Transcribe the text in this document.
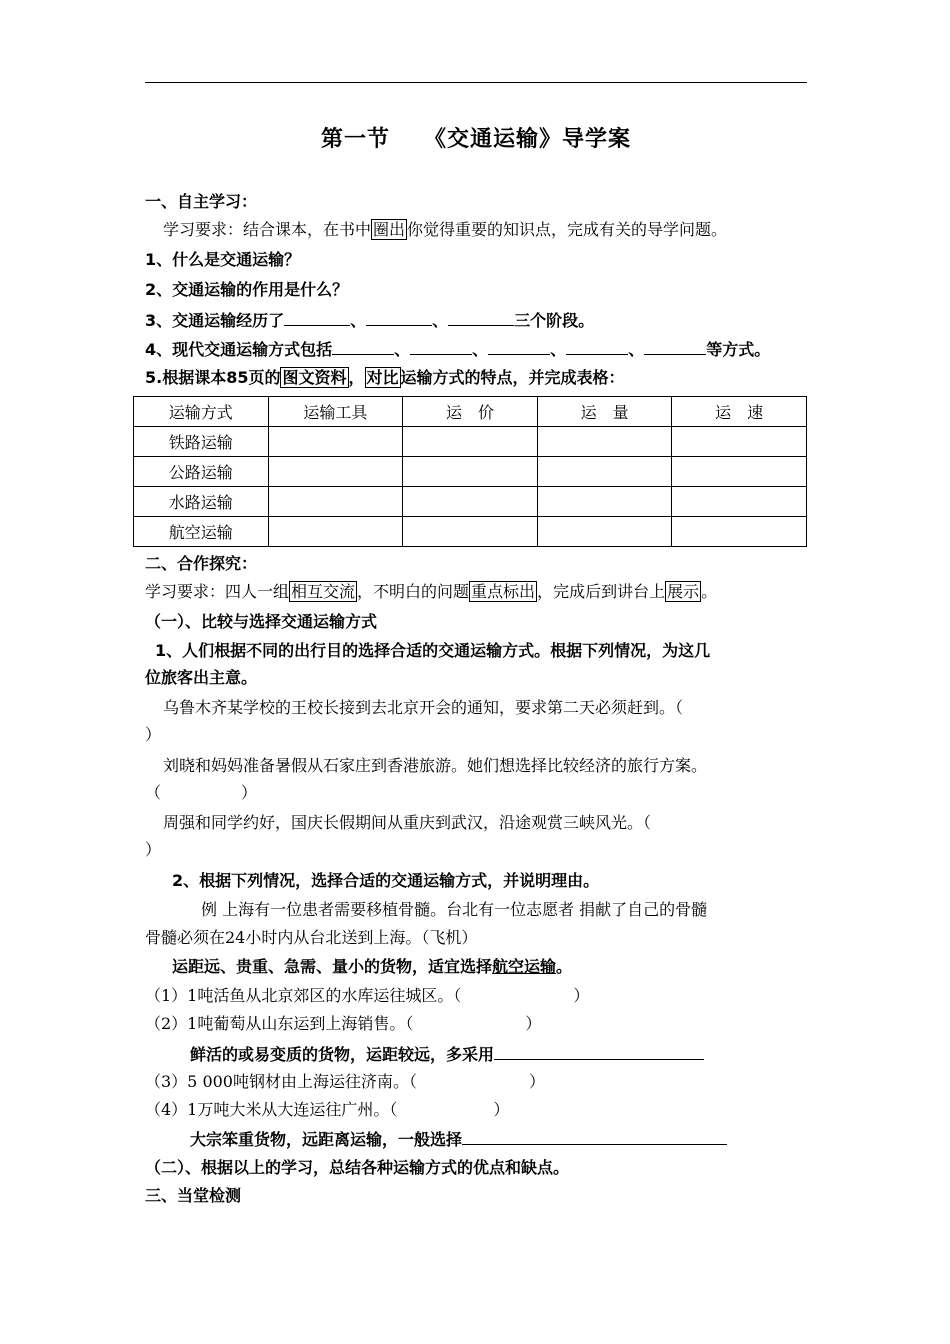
第一节 《交通运输》导学案
一、自主学习：
学习要求：结合课本，在书中 圈出 你觉得重要的知识点，完成有关的导学问题。
1、什么是交通运输？
2、交通运输的作用是什么？
3、交通运输经历了	、	、	三个阶段。
4、现代交通运输方式包括	、	、	、	、	等方式。
5.根据课本85页的 图文资料 ， 对比 运输方式的特点，并完成表格：
运输方式	运输工具	运　价	运　量	运　速
铁路运输				
公路运输				
水路运输				
航空运输				
二、合作探究：
学习要求：四人一组 相互交流 ，不明白的问题 重点标出 ，完成后到讲台上 展示 。
（一）、比较与选择交通运输方式
1、人们根据不同的出行目的选择合适的交通运输方式。根据下列情况，为这几
位旅客出主意。
乌鲁木齐某学校的王校长接到去北京开会的通知，要求第二天必须赶到。（
）
刘晓和妈妈准备暑假从石家庄到香港旅游。她们想选择比较经济的旅行方案。
（　　　　　）
周强和同学约好，国庆长假期间从重庆到武汉，沿途观赏三峡风光。（
）
2、根据下列情况，选择合适的交通运输方式，并说明理由。
例 上海有一位患者需要移植骨髓。台北有一位志愿者 捐献了自己的骨髓
骨髓必须在24小时内从台北送到上海。（飞机）
运距远、贵重、急需、量小的货物，适宜选择航空运输。
（1）1吨活鱼从北京郊区的水库运往城区。（　　　　　　　）
（2）1吨葡萄从山东运到上海销售。（　　　　　　　）
鲜活的或易变质的货物，运距较远，多采用
（3）5 000吨钢材由上海运往济南。（　　　　　　　）
（4）1万吨大米从大连运往广州。（　　　　　　）
大宗笨重货物，远距离运输，一般选择
（二）、根据以上的学习，总结各种运输方式的优点和缺点。
三、当堂检测
